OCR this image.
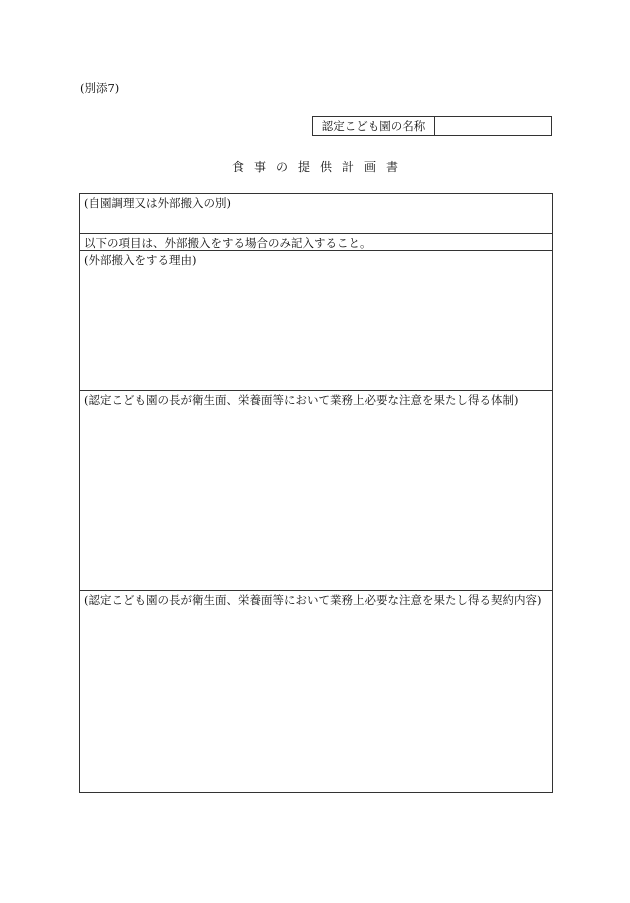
(別添7)
認定こども園の名称
食事の提供計画書
(自園調理又は外部搬入の別)
以下の項目は、外部搬入をする場合のみ記入すること。
(外部搬入をする理由)
(認定こども園の長が衛生面、栄養面等において業務上必要な注意を果たし得る体制)
(認定こども園の長が衛生面、栄養面等において業務上必要な注意を果たし得る契約内容)
